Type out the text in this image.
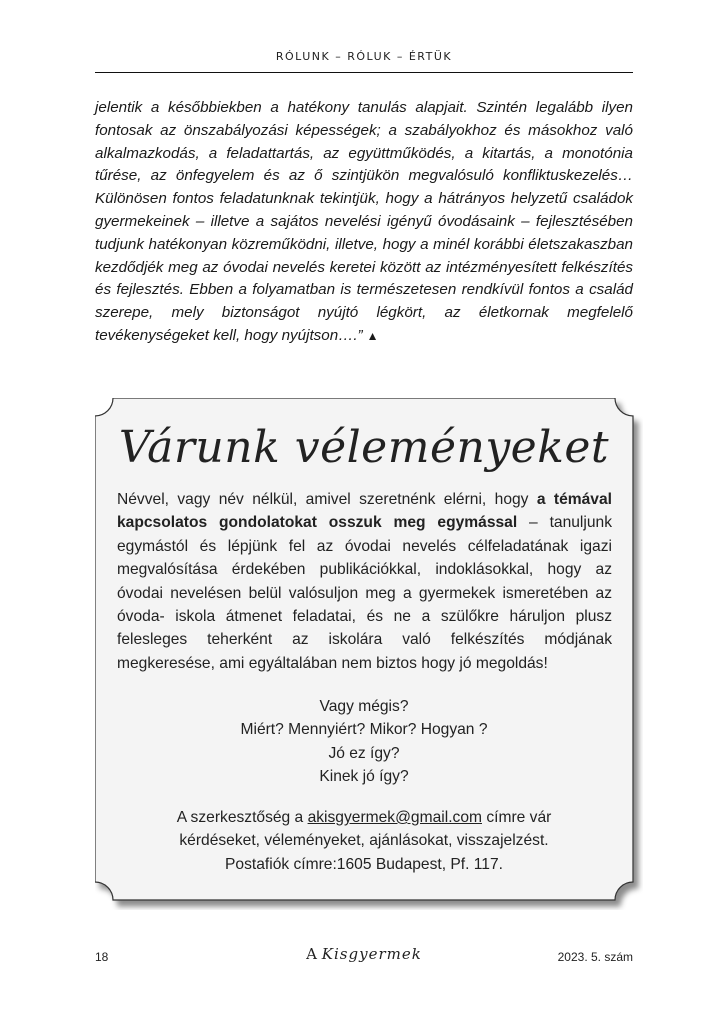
RÓLUNK – RÓLUK – ÉRTÜK
jelentik a későbbiekben a hatékony tanulás alapjait. Szintén legalább ilyen fontosak az önszabályozási képességek; a szabályokhoz és másokhoz való alkalmazkodás, a feladattartás, az együttműködés, a kitartás, a monotónia tűrése, az önfegyelem és az ő szintjükön megvalósuló konfliktuskezelés… Különösen fontos feladatunknak tekintjük, hogy a hátrányos helyzetű családok gyermekeinek – illetve a sajátos nevelési igényű óvodásaink – fejlesztésében tudjunk hatékonyan közreműködni, illetve, hogy a minél korábbi életszakaszban kezdődjék meg az óvodai nevelés keretei között az intézményesített felkészítés és fejlesztés. Ebben a folyamatban is természetesen rendkívül fontos a család szerepe, mely biztonságot nyújtó légkört, az életkornak megfelelő tevékenységeket kell, hogy nyújtson….” ▲
Várunk véleményeket
Névvel, vagy név nélkül, amivel szeretnénk elérni, hogy a témával kapcsolatos gondolatokat osszuk meg egymással – tanuljunk egymástól és lépjünk fel az óvodai nevelés célfeladatának igazi megvalósítása érdekében publikációkkal, indoklásokkal, hogy az óvodai nevelésen belül valósuljon meg a gyermekek ismeretében az óvoda- iskola átmenet feladatai, és ne a szülőkre háruljon plusz felesleges teherként az iskolára való felkészítés módjának megkeresése, ami egyáltalában nem biztos hogy jó megoldás!
Vagy mégis?
Miért? Mennyiért? Mikor? Hogyan ?
Jó ez így?
Kinek jó így?
A szerkesztőség a akisgyermek@gmail.com címre vár
kérdéseket, véleményeket, ajánlásokat, visszajelzést.
Postafiók címre:1605 Budapest, Pf. 117.
18	A Kisgyermek	2023. 5. szám
